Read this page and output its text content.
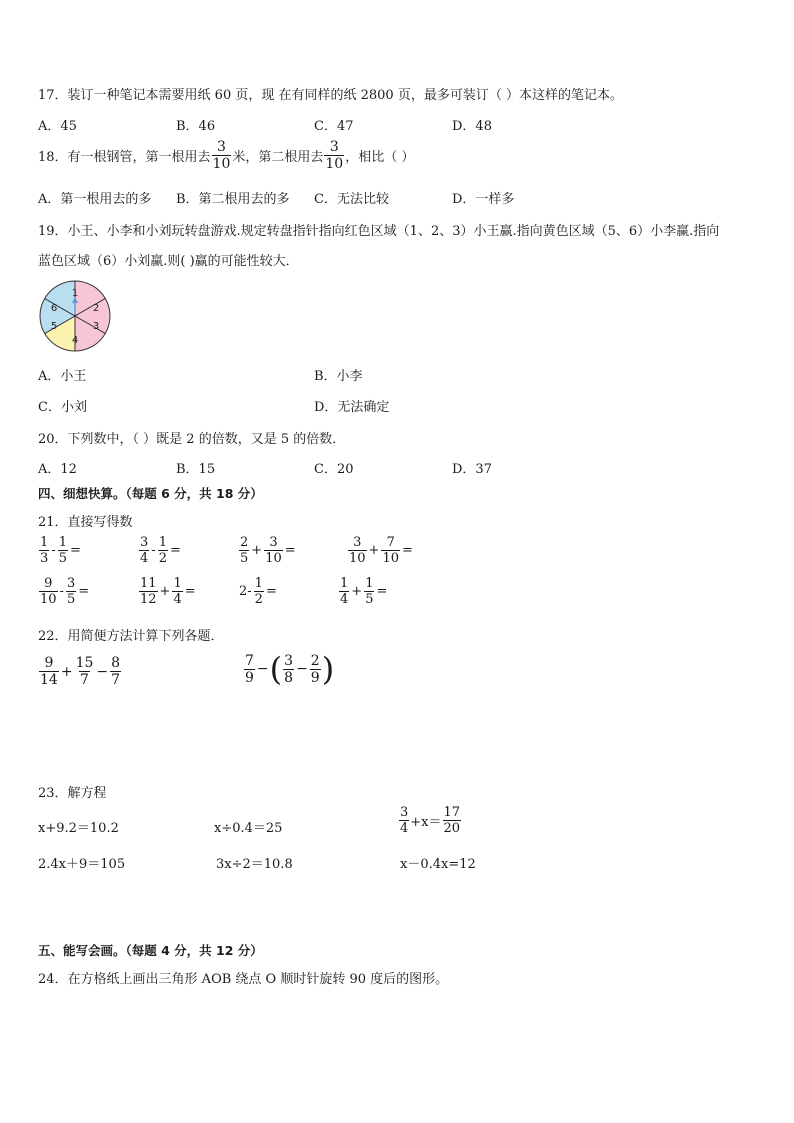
17．装订一种笔记本需要用纸 60 页，现 在有同样的纸 2800 页，最多可装订（ ）本这样的笔记本。
A．45	B．46	C．47	D．48
18．有一根钢管，第一根用去 $\frac{3}{10}$ 米，第二根用去 $\frac{3}{10}$ ，相比（ ）
A．第一根用去的多 B．第二根用去的多 C．无法比较	D．一样多
19．小王、小李和小刘玩转盘游戏.规定转盘指针指向红色区域（1、2、3）小王赢.指向黄色区域（5、6）小李赢.指向
蓝色区域（6）小刘赢.则( )赢的可能性较大．
1
2
3
4
5
6
A．小王	B．小李
C．小刘	D．无法确定
20．下列数中，（ ）既是 2 的倍数，又是 5 的倍数．
A．12	B．15	C．20	D．37
四、细想快算。（每题 6 分，共 18 分）
21．直接写得数
$\frac{1}{3} - \frac{1}{5}$ =	$\frac{3}{4} - \frac{1}{2}$ =	$\frac{2}{5} + \frac{3}{10}$ =	$\frac{3}{10} + \frac{7}{10}$ =
$\frac{9}{10} - \frac{3}{5}$ =	$\frac{11}{12} + \frac{1}{4}$ =	$2- \frac{1}{2}$ =	$\frac{1}{4} + \frac{1}{5}$ =
22．用简便方法计算下列各题．
$\frac{9}{14} + \frac{15}{7} - \frac{8}{7}$	$\frac{7}{9}$ − ( $\frac{3}{8} - \frac{2}{9}$ )
23．解方程
x+9.2＝10.2	x÷0.4＝25	$\frac{3}{4} +x= \frac{17}{20}$
2.4x＋9＝105	3x÷2＝10.8	x－0.4x=12
五、能写会画。（每题 4 分，共 12 分）
24．在方格纸上画出三角形 AOB 绕点 O 顺时针旋转 90 度后的图形。
